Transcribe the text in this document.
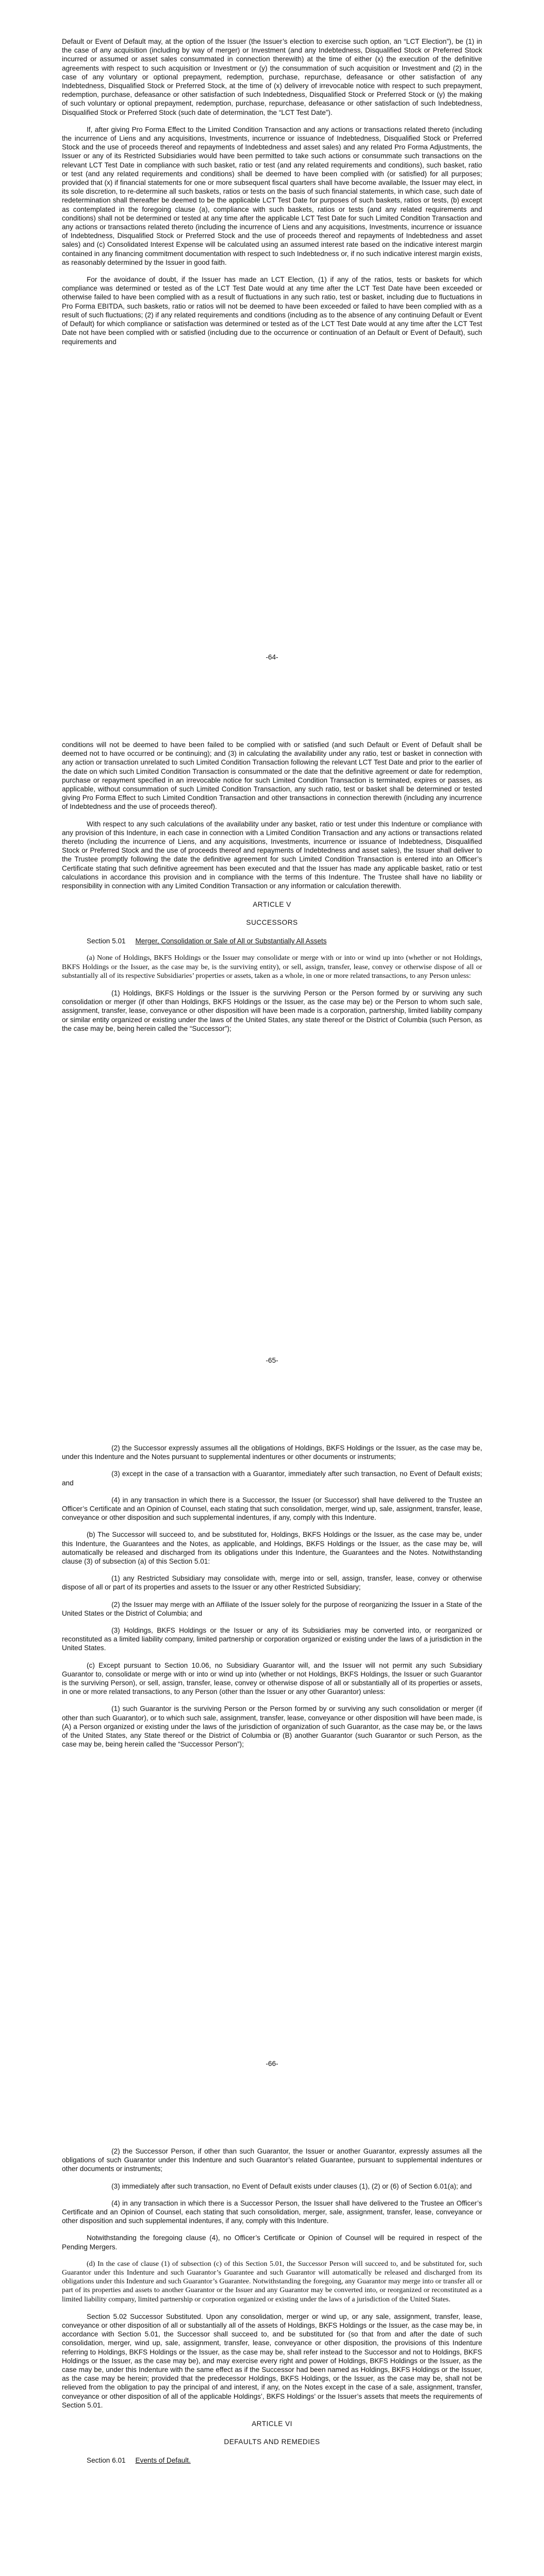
Default or Event of Default may, at the option of the Issuer (the Issuer’s election to exercise such option, an “LCT Election”), be (1) in the case of any acquisition (including by way of merger) or Investment (and any Indebtedness, Disqualified Stock or Preferred Stock incurred or assumed or asset sales consummated in connection therewith) at the time of either (x) the execution of the definitive agreements with respect to such acquisition or Investment or (y) the consummation of such acquisition or Investment and (2) in the case of any voluntary or optional prepayment, redemption, purchase, repurchase, defeasance or other satisfaction of any Indebtedness, Disqualified Stock or Preferred Stock, at the time of (x) delivery of irrevocable notice with respect to such prepayment, redemption, purchase, defeasance or other satisfaction of such Indebtedness, Disqualified Stock or Preferred Stock or (y) the making of such voluntary or optional prepayment, redemption, purchase, repurchase, defeasance or other satisfaction of such Indebtedness, Disqualified Stock or Preferred Stock (such date of determination, the “LCT Test Date”).

If, after giving Pro Forma Effect to the Limited Condition Transaction and any actions or transactions related thereto (including the incurrence of Liens and any acquisitions, Investments, incurrence or issuance of Indebtedness, Disqualified Stock or Preferred Stock and the use of proceeds thereof and repayments of Indebtedness and asset sales) and any related Pro Forma Adjustments, the Issuer or any of its Restricted Subsidiaries would have been permitted to take such actions or consummate such transactions on the relevant LCT Test Date in compliance with such basket, ratio or test (and any related requirements and conditions), such basket, ratio or test (and any related requirements and conditions) shall be deemed to have been complied with (or satisfied) for all purposes; provided that (x) if financial statements for one or more subsequent fiscal quarters shall have become available, the Issuer may elect, in its sole discretion, to re-determine all such baskets, ratios or tests on the basis of such financial statements, in which case, such date of redetermination shall thereafter be deemed to be the applicable LCT Test Date for purposes of such baskets, ratios or tests, (b) except as contemplated in the foregoing clause (a), compliance with such baskets, ratios or tests (and any related requirements and conditions) shall not be determined or tested at any time after the applicable LCT Test Date for such Limited Condition Transaction and any actions or transactions related thereto (including the incurrence of Liens and any acquisitions, Investments, incurrence or issuance of Indebtedness, Disqualified Stock or Preferred Stock and the use of proceeds thereof and repayments of Indebtedness and asset sales) and (c) Consolidated Interest Expense will be calculated using an assumed interest rate based on the indicative interest margin contained in any financing commitment documentation with respect to such Indebtedness or, if no such indicative interest margin exists, as reasonably determined by the Issuer in good faith.

For the avoidance of doubt, if the Issuer has made an LCT Election, (1) if any of the ratios, tests or baskets for which compliance was determined or tested as of the LCT Test Date would at any time after the LCT Test Date have been exceeded or otherwise failed to have been complied with as a result of fluctuations in any such ratio, test or basket, including due to fluctuations in Pro Forma EBITDA, such baskets, ratio or ratios will not be deemed to have been exceeded or failed to have been complied with as a result of such fluctuations; (2) if any related requirements and conditions (including as to the absence of any continuing Default or Event of Default) for which compliance or satisfaction was determined or tested as of the LCT Test Date would at any time after the LCT Test Date not have been complied with or satisfied (including due to the occurrence or continuation of an Default or Event of Default), such requirements and

-64-

conditions will not be deemed to have been failed to be complied with or satisfied (and such Default or Event of Default shall be deemed not to have occurred or be continuing); and (3) in calculating the availability under any ratio, test or basket in connection with any action or transaction unrelated to such Limited Condition Transaction following the relevant LCT Test Date and prior to the earlier of the date on which such Limited Condition Transaction is consummated or the date that the definitive agreement or date for redemption, purchase or repayment specified in an irrevocable notice for such Limited Condition Transaction is terminated, expires or passes, as applicable, without consummation of such Limited Condition Transaction, any such ratio, test or basket shall be determined or tested giving Pro Forma Effect to such Limited Condition Transaction and other transactions in connection therewith (including any incurrence of Indebtedness and the use of proceeds thereof).

With respect to any such calculations of the availability under any basket, ratio or test under this Indenture or compliance with any provision of this Indenture, in each case in connection with a Limited Condition Transaction and any actions or transactions related thereto (including the incurrence of Liens, and any acquisitions, Investments, incurrence or issuance of Indebtedness, Disqualified Stock or Preferred Stock and the use of proceeds thereof and repayments of Indebtedness and asset sales), the Issuer shall deliver to the Trustee promptly following the date the definitive agreement for such Limited Condition Transaction is entered into an Officer’s Certificate stating that such definitive agreement has been executed and that the Issuer has made any applicable basket, ratio or test calculations in accordance this provision and in compliance with the terms of this Indenture. The Trustee shall have no liability or responsibility in connection with any Limited Condition Transaction or any information or calculation therewith.

ARTICLE V
SUCCESSORS

Section 5.01 Merger, Consolidation or Sale of All or Substantially All Assets

(a) None of Holdings, BKFS Holdings or the Issuer may consolidate or merge with or into or wind up into (whether or not Holdings, BKFS Holdings or the Issuer, as the case may be, is the surviving entity), or sell, assign, transfer, lease, convey or otherwise dispose of all or substantially all of its respective Subsidiaries’ properties or assets, taken as a whole, in one or more related transactions, to any Person unless:

(1) Holdings, BKFS Holdings or the Issuer is the surviving Person or the Person formed by or surviving any such consolidation or merger (if other than Holdings, BKFS Holdings or the Issuer, as the case may be) or the Person to whom such sale, assignment, transfer, lease, conveyance or other disposition will have been made is a corporation, partnership, limited liability company or similar entity organized or existing under the laws of the United States, any state thereof or the District of Columbia (such Person, as the case may be, being herein called the “Successor”);

-65-

(2) the Successor expressly assumes all the obligations of Holdings, BKFS Holdings or the Issuer, as the case may be, under this Indenture and the Notes pursuant to supplemental indentures or other documents or instruments;

(3) except in the case of a transaction with a Guarantor, immediately after such transaction, no Event of Default exists; and

(4) in any transaction in which there is a Successor, the Issuer (or Successor) shall have delivered to the Trustee an Officer’s Certificate and an Opinion of Counsel, each stating that such consolidation, merger, wind up, sale, assignment, transfer, lease, conveyance or other disposition and such supplemental indentures, if any, comply with this Indenture.

(b) The Successor will succeed to, and be substituted for, Holdings, BKFS Holdings or the Issuer, as the case may be, under this Indenture, the Guarantees and the Notes, as applicable, and Holdings, BKFS Holdings or the Issuer, as the case may be, will automatically be released and discharged from its obligations under this Indenture, the Guarantees and the Notes. Notwithstanding clause (3) of subsection (a) of this Section 5.01:

(1) any Restricted Subsidiary may consolidate with, merge into or sell, assign, transfer, lease, convey or otherwise dispose of all or part of its properties and assets to the Issuer or any other Restricted Subsidiary;

(2) the Issuer may merge with an Affiliate of the Issuer solely for the purpose of reorganizing the Issuer in a State of the United States or the District of Columbia; and

(3) Holdings, BKFS Holdings or the Issuer or any of its Subsidiaries may be converted into, or reorganized or reconstituted as a limited liability company, limited partnership or corporation organized or existing under the laws of a jurisdiction in the United States.

(c) Except pursuant to Section 10.06, no Subsidiary Guarantor will, and the Issuer will not permit any such Subsidiary Guarantor to, consolidate or merge with or into or wind up into (whether or not Holdings, BKFS Holdings, the Issuer or such Guarantor is the surviving Person), or sell, assign, transfer, lease, convey or otherwise dispose of all or substantially all of its properties or assets, in one or more related transactions, to any Person (other than the Issuer or any other Guarantor) unless:

(1) such Guarantor is the surviving Person or the Person formed by or surviving any such consolidation or merger (if other than such Guarantor), or to which such sale, assignment, transfer, lease, conveyance or other disposition will have been made, is (A) a Person organized or existing under the laws of the jurisdiction of organization of such Guarantor, as the case may be, or the laws of the United States, any State thereof or the District of Columbia or (B) another Guarantor (such Guarantor or such Person, as the case may be, being herein called the “Successor Person”);

-66-

(2) the Successor Person, if other than such Guarantor, the Issuer or another Guarantor, expressly assumes all the obligations of such Guarantor under this Indenture and such Guarantor’s related Guarantee, pursuant to supplemental indentures or other documents or instruments;

(3) immediately after such transaction, no Event of Default exists under clauses (1), (2) or (6) of Section 6.01(a); and

(4) in any transaction in which there is a Successor Person, the Issuer shall have delivered to the Trustee an Officer’s Certificate and an Opinion of Counsel, each stating that such consolidation, merger, sale, assignment, transfer, lease, conveyance or other disposition and such supplemental indentures, if any, comply with this Indenture.

Notwithstanding the foregoing clause (4), no Officer’s Certificate or Opinion of Counsel will be required in respect of the Pending Mergers.

(d) In the case of clause (1) of subsection (c) of this Section 5.01, the Successor Person will succeed to, and be substituted for, such Guarantor under this Indenture and such Guarantor’s Guarantee and such Guarantor will automatically be released and discharged from its obligations under this Indenture and such Guarantor’s Guarantee. Notwithstanding the foregoing, any Guarantor may merge into or transfer all or part of its properties and assets to another Guarantor or the Issuer and any Guarantor may be converted into, or reorganized or reconstituted as a limited liability company, limited partnership or corporation organized or existing under the laws of a jurisdiction of the United States.

Section 5.02 Successor Substituted. Upon any consolidation, merger or wind up, or any sale, assignment, transfer, lease, conveyance or other disposition of all or substantially all of the assets of Holdings, BKFS Holdings or the Issuer, as the case may be, in accordance with Section 5.01, the Successor shall succeed to, and be substituted for (so that from and after the date of such consolidation, merger, wind up, sale, assignment, transfer, lease, conveyance or other disposition, the provisions of this Indenture referring to Holdings, BKFS Holdings or the Issuer, as the case may be, shall refer instead to the Successor and not to Holdings, BKFS Holdings or the Issuer, as the case may be), and may exercise every right and power of Holdings, BKFS Holdings or the Issuer, as the case may be, under this Indenture with the same effect as if the Successor had been named as Holdings, BKFS Holdings or the Issuer, as the case may be herein; provided that the predecessor Holdings, BKFS Holdings, or the Issuer, as the case may be, shall not be relieved from the obligation to pay the principal of and interest, if any, on the Notes except in the case of a sale, assignment, transfer, conveyance or other disposition of all of the applicable Holdings’, BKFS Holdings’ or the Issuer’s assets that meets the requirements of Section 5.01.

ARTICLE VI
DEFAULTS AND REMEDIES

Section 6.01 Events of Default.
